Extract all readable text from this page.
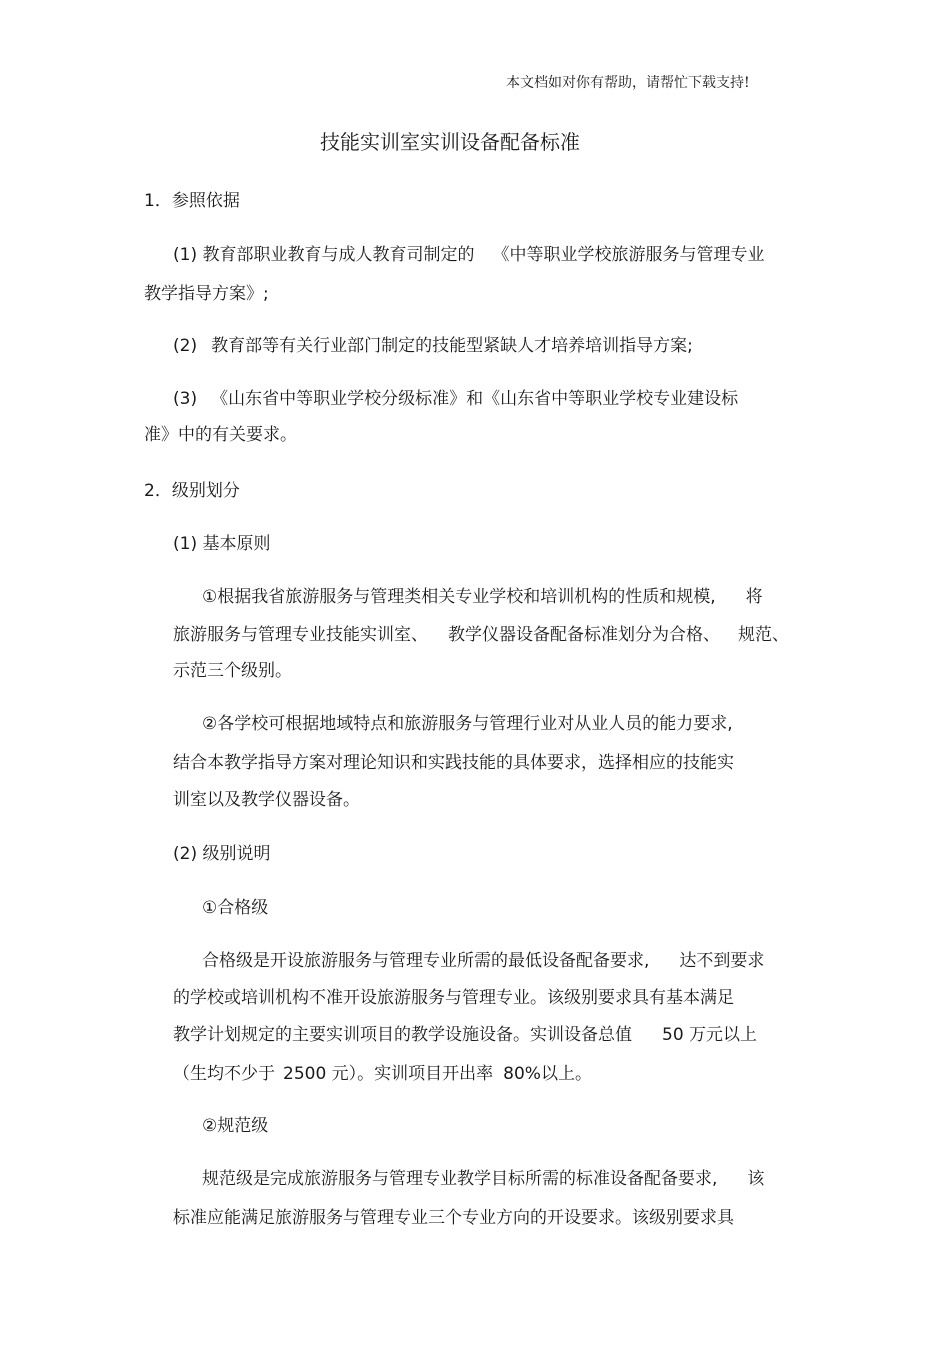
本文档如对你有帮助，请帮忙下载支持!

技能实训室实训设备配备标准

1．参照依据

(1) 教育部职业教育与成人教育司制定的 《中等职业学校旅游服务与管理专业

教学指导方案》;

(2) 教育部等有关行业部门制定的技能型紧缺人才培养培训指导方案;

(3) 《山东省中等职业学校分级标准》和《山东省中等职业学校专业建设标

准》中的有关要求。

2．级别划分

(1) 基本原则

①根据我省旅游服务与管理类相关专业学校和培训机构的性质和规模, 将

旅游服务与管理专业技能实训室、 教学仪器设备配备标准划分为合格、 规范、

示范三个级别。

②各学校可根据地域特点和旅游服务与管理行业对从业人员的能力要求,

结合本教学指导方案对理论知识和实践技能的具体要求，选择相应的技能实

训室以及教学仪器设备。

(2) 级别说明

①合格级

合格级是开设旅游服务与管理专业所需的最低设备配备要求, 达不到要求

的学校或培训机构不准开设旅游服务与管理专业。该级别要求具有基本满足

教学计划规定的主要实训项目的教学设施设备。实训设备总值 50 万元以上

（生均不少于 2500 元）。实训项目开出率 80%以上。

②规范级

规范级是完成旅游服务与管理专业教学目标所需的标准设备配备要求, 该

标准应能满足旅游服务与管理专业三个专业方向的开设要求。该级别要求具
